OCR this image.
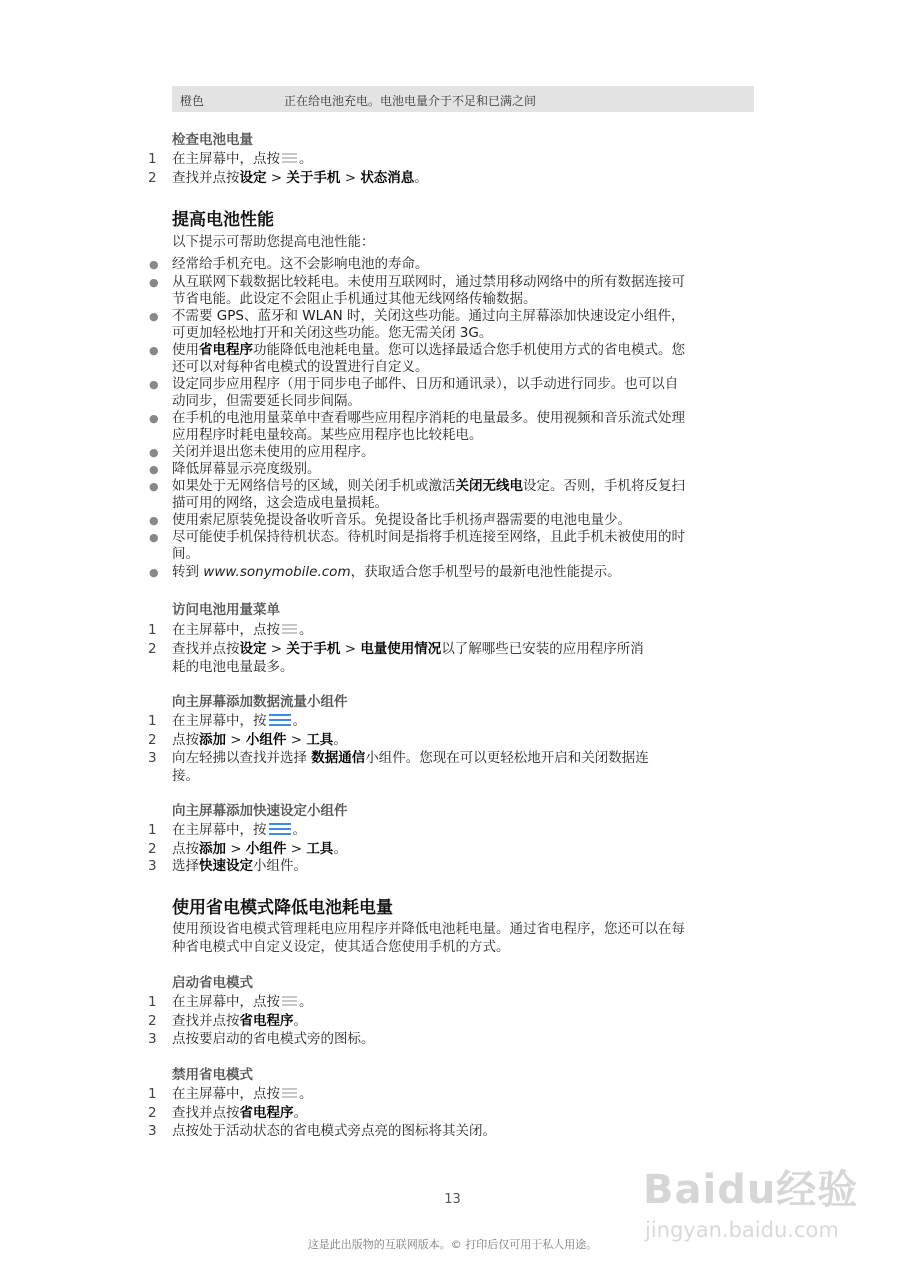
橙色	正在给电池充电。电池电量介于不足和已满之间
检查电池电量
1 在主屏幕中，点按 。
2 查找并点按设定 > 关于手机 > 状态消息。
提高电池性能
以下提示可帮助您提高电池性能：
● 经常给手机充电。这不会影响电池的寿命。
● 从互联网下载数据比较耗电。未使用互联网时，通过禁用移动网络中的所有数据连接可
节省电能。此设定不会阻止手机通过其他无线网络传输数据。
● 不需要 GPS、蓝牙和 WLAN 时，关闭这些功能。通过向主屏幕添加快速设定小组件，
可更加轻松地打开和关闭这些功能。您无需关闭 3G。
● 使用省电程序功能降低电池耗电量。您可以选择最适合您手机使用方式的省电模式。您
还可以对每种省电模式的设置进行自定义。
● 设定同步应用程序（用于同步电子邮件、日历和通讯录），以手动进行同步。也可以自
动同步，但需要延长同步间隔。
● 在手机的电池用量菜单中查看哪些应用程序消耗的电量最多。使用视频和音乐流式处理
应用程序时耗电量较高。某些应用程序也比较耗电。
● 关闭并退出您未使用的应用程序。
● 降低屏幕显示亮度级别。
● 如果处于无网络信号的区域，则关闭手机或激活关闭无线电设定。否则，手机将反复扫
描可用的网络，这会造成电量损耗。
● 使用索尼原装免提设备收听音乐。免提设备比手机扬声器需要的电池电量少。
● 尽可能使手机保持待机状态。待机时间是指将手机连接至网络，且此手机未被使用的时
间。
● 转到 www.sonymobile.com，获取适合您手机型号的最新电池性能提示。
访问电池用量菜单
1 在主屏幕中，点按 。
2 查找并点按设定 > 关于手机 > 电量使用情况以了解哪些已安装的应用程序所消
耗的电池电量最多。
向主屏幕添加数据流量小组件
1 在主屏幕中，按 。
2 点按添加 > 小组件 > 工具。
3 向左轻拂以查找并选择 数据通信小组件。您现在可以更轻松地开启和关闭数据连
接。
向主屏幕添加快速设定小组件
1 在主屏幕中，按 。
2 点按添加 > 小组件 > 工具。
3 选择快速设定小组件。
使用省电模式降低电池耗电量
使用预设省电模式管理耗电应用程序并降低电池耗电量。通过省电程序，您还可以在每
种省电模式中自定义设定，使其适合您使用手机的方式。
启动省电模式
1 在主屏幕中，点按 。
2 查找并点按省电程序。
3 点按要启动的省电模式旁的图标。
禁用省电模式
1 在主屏幕中，点按 。
2 查找并点按省电程序。
3 点按处于活动状态的省电模式旁点亮的图标将其关闭。
13
这是此出版物的互联网版本。© 打印后仅可用于私人用途。
Baidu经验
jingyan.baidu.com
